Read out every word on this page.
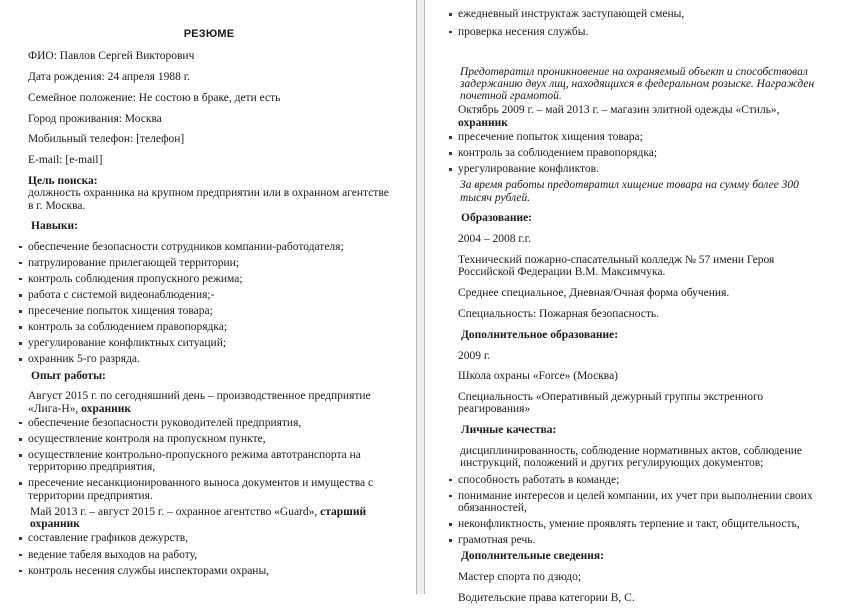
РЕЗЮМЕ

ФИО: Павлов Сергей Викторович

Дата рождения: 24 апреля 1988 г.

Семейное положение: Не состою в браке, дети есть

Город проживания: Москва

Мобильный телефон: [телефон]

E-mail: [e-mail]

Цель поиска:

должность охранника на крупном предприятии или в охранном агентстве в г. Москва.

Навыки:
обеспечение безопасности сотрудников компании-работодателя;
патрулирование прилегающей территории;
контроль соблюдения пропускного режима;
работа с системой видеонаблюдения;-
пресечение попыток хищения товара;
контроль за соблюдением правопорядка;
урегулирование конфликтных ситуаций;
охранник 5-го разряда.
Опыт работы:

Август 2015 г. по сегодняшний день – производственное предприятие «Лига-Н», охранник

обеспечение безопасности руководителей предприятия,
осуществление контроля на пропускном пункте,
осуществление контрольно-пропускного режима автотранспорта на территорию предприятия,
пресечение несанкционированного выноса документов и имущества с территории предприятия.

Май 2013 г. – август 2015 г. – охранное агентство «Guard», старший охранник

составление графиков дежурств,
ведение табеля выходов на работу,
контроль несения службы инспекторами охраны,
ежедневный инструктаж заступающей смены,
проверка несения службы.

Предотвратил проникновение на охраняемый объект и способствовал задержанию двух лиц, находящихся в федеральном розыске. Награжден почетной грамотой.

Октябрь 2009 г. – май 2013 г. – магазин элитной одежды «Стиль», охранник

пресечение попыток хищения товара;
контроль за соблюдением правопорядка;
урегулирование конфликтов.

За время работы предотвратил хищение товара на сумму более 300 тысяч рублей.

Образование:

2004 – 2008 г.г.

Технический пожарно-спасательный колледж № 57 имени Героя Российской Федерации В.М. Максимчука.

Среднее специальное, Дневная/Очная форма обучения.

Специальность: Пожарная безопасность.

Дополнительное образование:

2009 г.

Школа охраны «Force» (Москва)

Специальность «Оперативный дежурный группы экстренного реагирования»

Личные качества:

дисциплинированность, соблюдение нормативных актов, соблюдение инструкций, положений и других регулирующих документов;

способность работать в команде;
понимание интересов и целей компании, их учет при выполнении своих обязанностей,
неконфликтность, умение проявлять терпение и такт, общительность,
грамотная речь.
Дополнительные сведения:

Мастер спорта по дзюдо;

Водительские права категории В, С.
